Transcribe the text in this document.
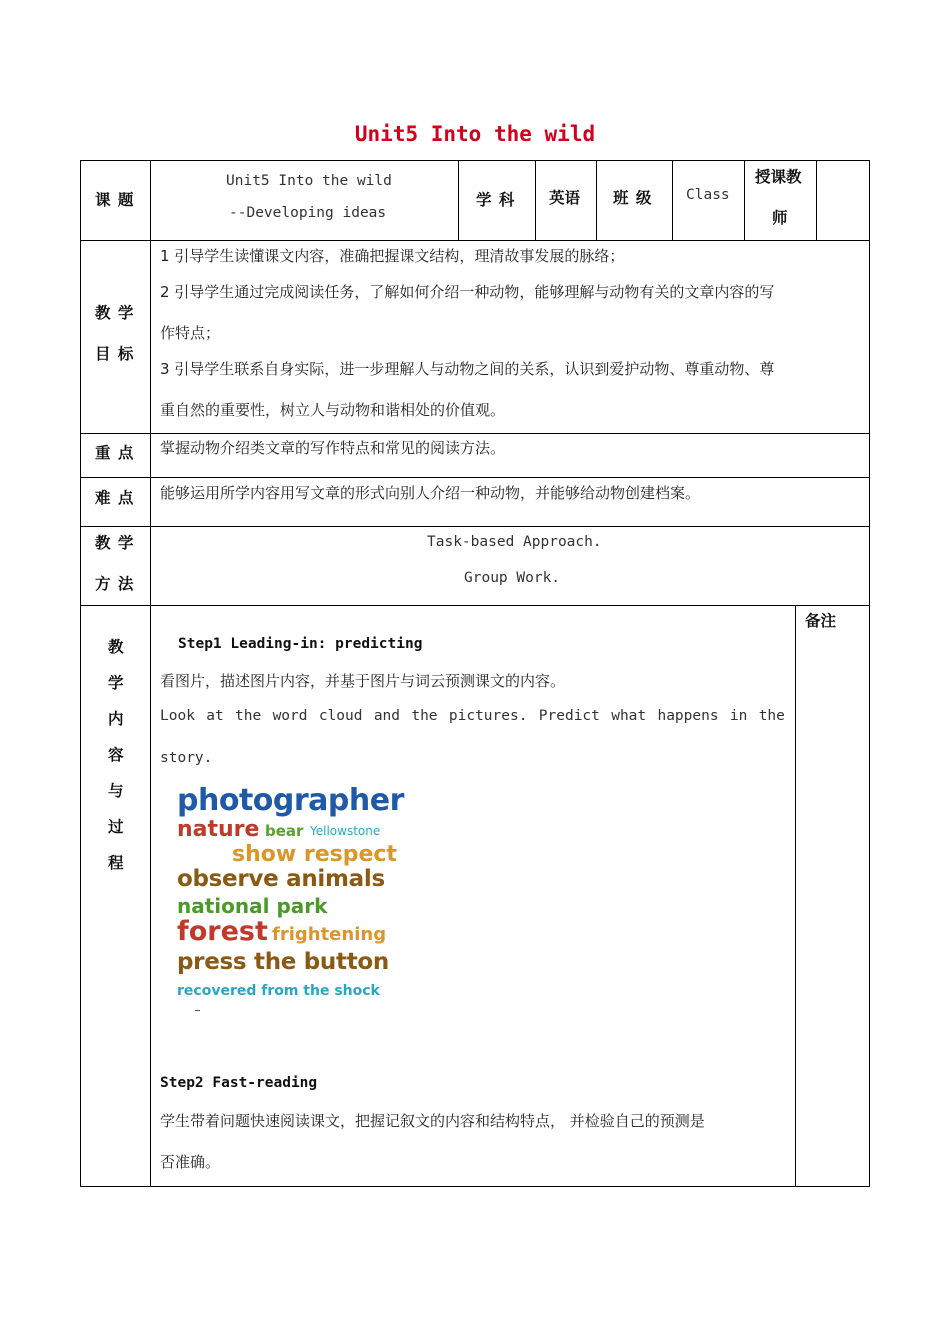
Unit5 Into the wild
课 题
Unit5 Into the wild
--Developing ideas
学 科 英语 班 级 Class
授课教
师
教 学
目 标
1 引导学生读懂课文内容，准确把握课文结构，理清故事发展的脉络；
2 引导学生通过完成阅读任务，了解如何介绍一种动物，能够理解与动物有关的文章内容的写
作特点；
3 引导学生联系自身实际，进一步理解人与动物之间的关系，认识到爱护动物、尊重动物、尊
重自然的重要性，树立人与动物和谐相处的价值观。
重 点 掌握动物介绍类文章的写作特点和常见的阅读方法。
难 点 能够运用所学内容用写文章的形式向别人介绍一种动物，并能够给动物创建档案。
教 学
方 法
Task-based Approach.
Group Work.
教
学
内
容
与
过
程
Step1 Leading-in: predicting
看图片，描述图片内容，并基于图片与词云预测课文的内容。
Look at the word cloud and the pictures. Predict what happens in the
story.
photographer
nature bear Yellowstone
show respect
observe animals
national park
forest frightening
press the button
recovered from the shock
Step2 Fast-reading
学生带着问题快速阅读课文，把握记叙文的内容和结构特点， 并检验自己的预测是
否准确。
备注
